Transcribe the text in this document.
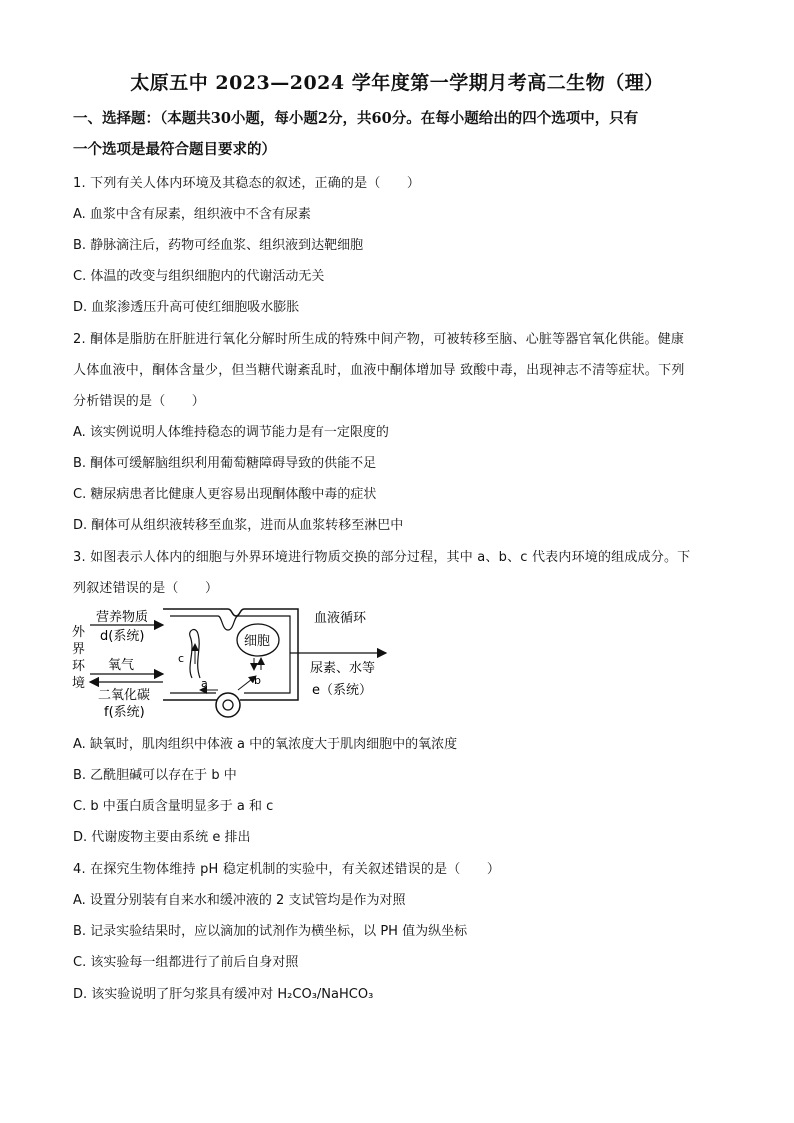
太原五中 2023—2024 学年度第一学期月考高二生物（理）
一、选择题：（本题共30小题，每小题2分，共60分。在每小题给出的四个选项中，只有
一个选项是最符合题目要求的）
1. 下列有关人体内环境及其稳态的叙述，正确的是（　　）
A. 血浆中含有尿素，组织液中不含有尿素
B. 静脉滴注后，药物可经血浆、组织液到达靶细胞
C. 体温的改变与组织细胞内的代谢活动无关
D. 血浆渗透压升高可使红细胞吸水膨胀
2. 酮体是脂肪在肝脏进行氧化分解时所生成的特殊中间产物，可被转移至脑、心脏等器官氧化供能。健康
人体血液中，酮体含量少，但当糖代谢紊乱时，血液中酮体增加导 致酸中毒，出现神志不清等症状。下列
分析错误的是（　　）
A. 该实例说明人体维持稳态的调节能力是有一定限度的
B. 酮体可缓解脑组织利用葡萄糖障碍导致的供能不足
C. 糖尿病患者比健康人更容易出现酮体酸中毒的症状
D. 酮体可从组织液转移至血浆，进而从血浆转移至淋巴中
3. 如图表示人体内的细胞与外界环境进行物质交换的部分过程，其中 a、b、c 代表内环境的组成成分。下
列叙述错误的是（　　）
外
界
环
境
营养物质
d(系统)
氧气
二氧化碳
f(系统)
c
细胞
b
a
血液循环
尿素、水等
e（系统）
A. 缺氧时，肌肉组织中体液 a 中的氧浓度大于肌肉细胞中的氧浓度
B. 乙酰胆碱可以存在于 b 中
C. b 中蛋白质含量明显多于 a 和 c
D. 代谢废物主要由系统 e 排出
4. 在探究生物体维持 pH 稳定机制的实验中，有关叙述错误的是（　　）
A. 设置分别装有自来水和缓冲液的 2 支试管均是作为对照
B. 记录实验结果时，应以滴加的试剂作为横坐标，以 PH 值为纵坐标
C. 该实验每一组都进行了前后自身对照
D. 该实验说明了肝匀浆具有缓冲对 H₂CO₃/NaHCO₃
